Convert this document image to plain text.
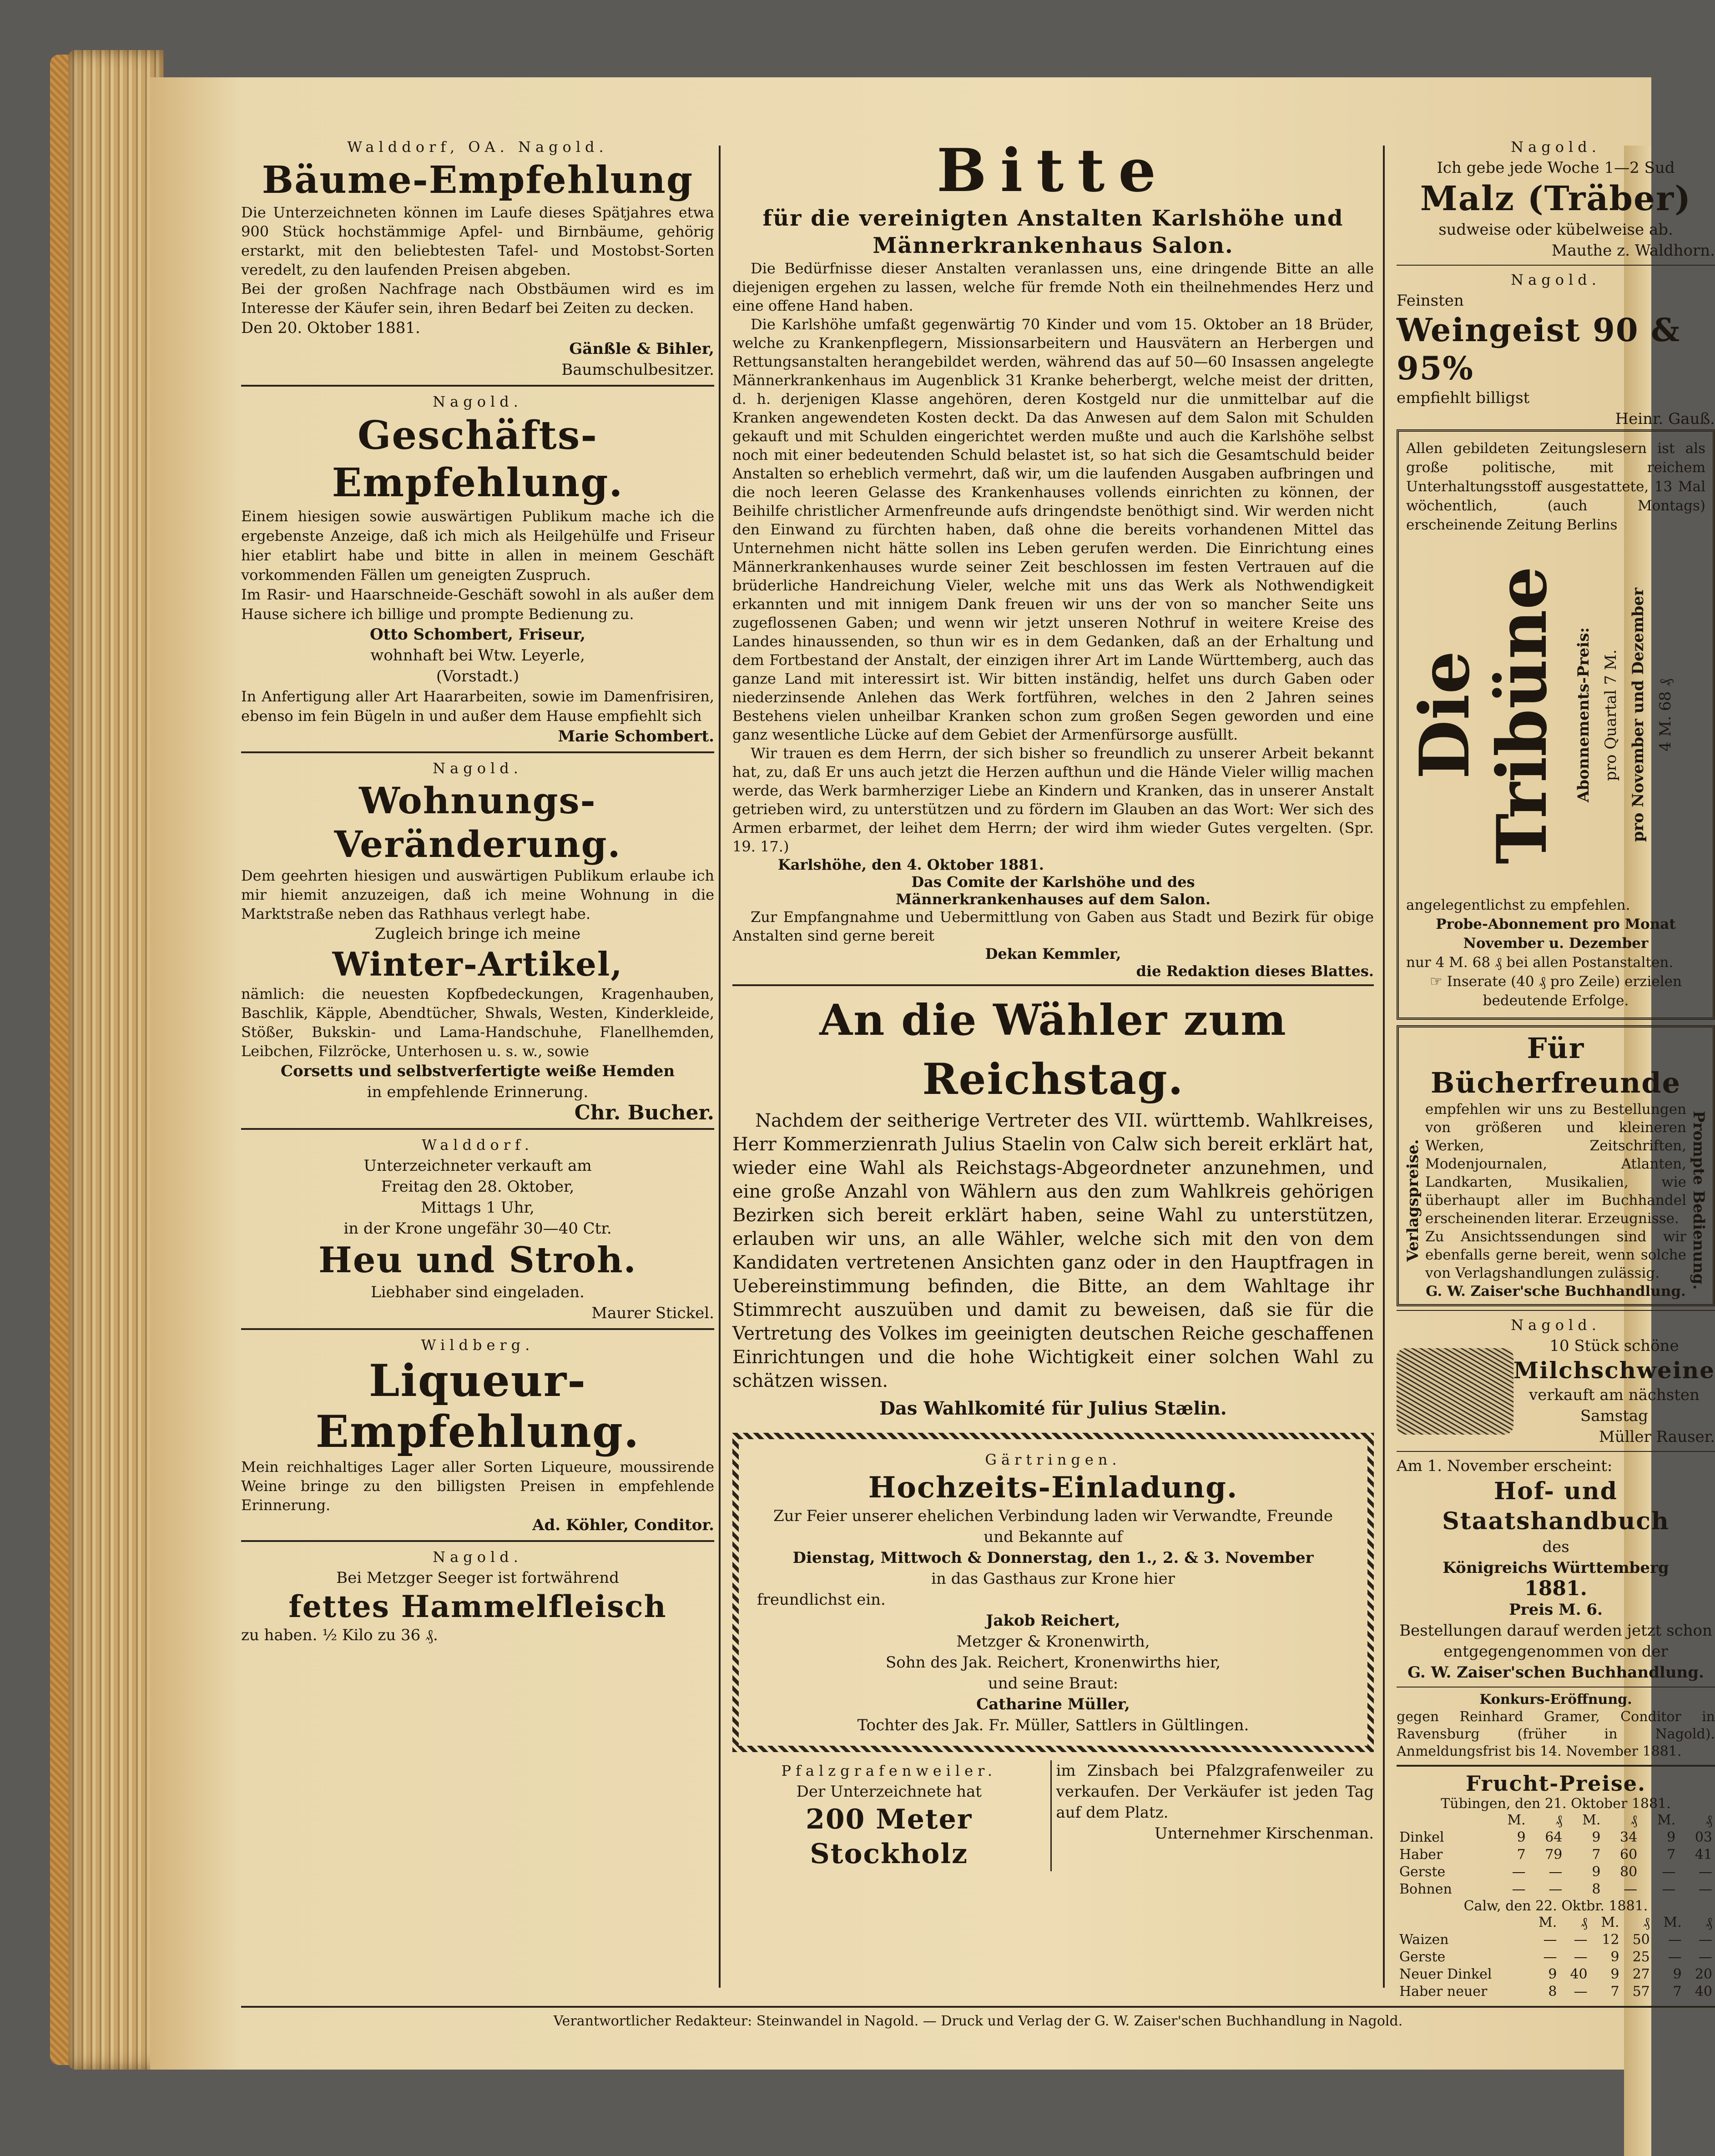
Walddorf, OA. Nagold.
Bäume-Empfehlung

Die Unterzeichneten können im Laufe dieses Spätjahres etwa 900 Stück hochstämmige Apfel- und Birnbäume, gehörig erstarkt, mit den beliebtesten Tafel- und Mostobst-Sorten veredelt, zu den laufenden Preisen abgeben.

Bei der großen Nachfrage nach Obstbäumen wird es im Interesse der Käufer sein, ihren Bedarf bei Zeiten zu decken.

Den 20. Oktober 1881.

Gänßle & Bihler,

Baumschulbesitzer.

Nagold.
Geschäfts-
Empfehlung.

Einem hiesigen sowie auswärtigen Publikum mache ich die ergebenste Anzeige, daß ich mich als Heilgehülfe und Friseur hier etablirt habe und bitte in allen in meinem Geschäft vorkommenden Fällen um geneigten Zuspruch.

Im Rasir- und Haarschneide-Geschäft sowohl in als außer dem Hause sichere ich billige und prompte Bedienung zu.

Otto Schombert, Friseur,

wohnhaft bei Wtw. Leyerle,

(Vorstadt.)

In Anfertigung aller Art Haararbeiten, sowie im Damenfrisiren, ebenso im fein Bügeln in und außer dem Hause empfiehlt sich

Marie Schombert.

Nagold.
Wohnungs-
Veränderung.

Dem geehrten hiesigen und auswärtigen Publikum erlaube ich mir hiemit anzuzeigen, daß ich meine Wohnung in die Marktstraße neben das Rathhaus verlegt habe.

Zugleich bringe ich meine

Winter-Artikel,

nämlich: die neuesten Kopfbedeckungen, Kragenhauben, Baschlik, Käpple, Abendtücher, Shwals, Westen, Kinderkleide, Stößer, Bukskin- und Lama-Handschuhe, Flanellhemden, Leibchen, Filzröcke, Unterhosen u. s. w., sowie

Corsetts und selbstverfertigte weiße Hemden

in empfehlende Erinnerung.

Chr. Bucher.

Walddorf.

Unterzeichneter verkauft am

Freitag den 28. Oktober,

Mittags 1 Uhr,

in der Krone ungefähr 30—40 Ctr.

Heu und Stroh.

Liebhaber sind eingeladen.

Maurer Stickel.

Wildberg.
Liqueur-
Empfehlung.

Mein reichhaltiges Lager aller Sorten Liqueure, moussirende Weine bringe zu den billigsten Preisen in empfehlende Erinnerung.

Ad. Köhler, Conditor.

Nagold.

Bei Metzger Seeger ist fortwährend

fettes Hammelfleisch

zu haben. ½ Kilo zu 36 ₰.

Bitte
für die vereinigten Anstalten Karlshöhe und Männerkrankenhaus Salon.

Die Bedürfnisse dieser Anstalten veranlassen uns, eine dringende Bitte an alle diejenigen ergehen zu lassen, welche für fremde Noth ein theilnehmendes Herz und eine offene Hand haben.

Die Karlshöhe umfaßt gegenwärtig 70 Kinder und vom 15. Oktober an 18 Brüder, welche zu Krankenpflegern, Missionsarbeitern und Hausvätern an Herbergen und Rettungsanstalten herangebildet werden, während das auf 50—60 Insassen angelegte Männerkrankenhaus im Augenblick 31 Kranke beherbergt, welche meist der dritten, d. h. derjenigen Klasse angehören, deren Kostgeld nur die unmittelbar auf die Kranken angewendeten Kosten deckt. Da das Anwesen auf dem Salon mit Schulden gekauft und mit Schulden eingerichtet werden mußte und auch die Karlshöhe selbst noch mit einer bedeutenden Schuld belastet ist, so hat sich die Gesamtschuld beider Anstalten so erheblich vermehrt, daß wir, um die laufenden Ausgaben aufbringen und die noch leeren Gelasse des Krankenhauses vollends einrichten zu können, der Beihilfe christlicher Armenfreunde aufs dringendste benöthigt sind. Wir werden nicht den Einwand zu fürchten haben, daß ohne die bereits vorhandenen Mittel das Unternehmen nicht hätte sollen ins Leben gerufen werden. Die Einrichtung eines Männerkrankenhauses wurde seiner Zeit beschlossen im festen Vertrauen auf die brüderliche Handreichung Vieler, welche mit uns das Werk als Nothwendigkeit erkannten und mit innigem Dank freuen wir uns der von so mancher Seite uns zugeflossenen Gaben; und wenn wir jetzt unseren Nothruf in weitere Kreise des Landes hinaussenden, so thun wir es in dem Gedanken, daß an der Erhaltung und dem Fortbestand der Anstalt, der einzigen ihrer Art im Lande Württemberg, auch das ganze Land mit interessirt ist. Wir bitten inständig, helfet uns durch Gaben oder niederzinsende Anlehen das Werk fortführen, welches in den 2 Jahren seines Bestehens vielen unheilbar Kranken schon zum großen Segen geworden und eine ganz wesentliche Lücke auf dem Gebiet der Armenfürsorge ausfüllt.

Wir trauen es dem Herrn, der sich bisher so freundlich zu unserer Arbeit bekannt hat, zu, daß Er uns auch jetzt die Herzen aufthun und die Hände Vieler willig machen werde, das Werk barmherziger Liebe an Kindern und Kranken, das in unserer Anstalt getrieben wird, zu unterstützen und zu fördern im Glauben an das Wort: Wer sich des Armen erbarmet, der leihet dem Herrn; der wird ihm wieder Gutes vergelten. (Spr. 19. 17.)

Karlshöhe, den 4. Oktober 1881.

Das Comite der Karlshöhe und des

Männerkrankenhauses auf dem Salon.

Zur Empfangnahme und Uebermittlung von Gaben aus Stadt und Bezirk für obige Anstalten sind gerne bereit

Dekan Kemmler,

die Redaktion dieses Blattes.

An die Wähler zum Reichstag.

Nachdem der seitherige Vertreter des VII. württemb. Wahlkreises, Herr Kommerzienrath Julius Staelin von Calw sich bereit erklärt hat, wieder eine Wahl als Reichstags-Abgeordneter anzunehmen, und eine große Anzahl von Wählern aus den zum Wahlkreis gehörigen Bezirken sich bereit erklärt haben, seine Wahl zu unterstützen, erlauben wir uns, an alle Wähler, welche sich mit den von dem Kandidaten vertretenen Ansichten ganz oder in den Hauptfragen in Uebereinstimmung befinden, die Bitte, an dem Wahltage ihr Stimmrecht auszuüben und damit zu beweisen, daß sie für die Vertretung des Volkes im geeinigten deutschen Reiche geschaffenen Einrichtungen und die hohe Wichtigkeit einer solchen Wahl zu schätzen wissen.

Das Wahlkomité für Julius Stælin.

Gärtringen.
Hochzeits-Einladung.

Zur Feier unserer ehelichen Verbindung laden wir Verwandte, Freunde und Bekannte auf

Dienstag, Mittwoch & Donnerstag, den 1., 2. & 3. November

in das Gasthaus zur Krone hier

freundlichst ein.

Jakob Reichert,

Metzger & Kronenwirth,

Sohn des Jak. Reichert, Kronenwirths hier,

und seine Braut:

Catharine Müller,

Tochter des Jak. Fr. Müller, Sattlers in Gültlingen.

Pfalzgrafenweiler.

Der Unterzeichnete hat

200 Meter Stockholz

im Zinsbach bei Pfalzgrafenweiler zu verkaufen. Der Verkäufer ist jeden Tag auf dem Platz.

Unternehmer Kirschenman.

Nagold.

Ich gebe jede Woche 1—2 Sud

Malz (Träber)

sudweise oder kübelweise ab.

Mauthe z. Waldhorn.

Nagold.

Feinsten

Weingeist 90 & 95%

empfiehlt billigst

Heinr. Gauß.

Allen gebildeten Zeitungslesern ist als große politische, mit reichem Unterhaltungsstoff ausgestattete, 13 Mal wöchentlich, (auch Montags) erscheinende Zeitung Berlins

Die Tribüne Abonnements-Preis: pro Quartal 7 M. pro November und Dezember 4 M. 68 ₰

angelegentlichst zu empfehlen.

Probe-Abonnement pro Monat November u. Dezember

nur 4 M. 68 ₰ bei allen Postanstalten.

☞ Inserate (40 ₰ pro Zeile) erzielen bedeutende Erfolge.

Für Bücherfreunde
Verlagspreise.

empfehlen wir uns zu Bestellungen von größeren und kleineren Werken, Zeitschriften, Modenjournalen, Atlanten, Landkarten, Musikalien, wie überhaupt aller im Buchhandel erscheinenden literar. Erzeugnisse.

Zu Ansichtssendungen sind wir ebenfalls gerne bereit, wenn solche von Verlagshandlungen zulässig.

G. W. Zaiser'sche Buchhandlung.

Prompte Bedienung.
Nagold.

10 Stück schöne

Milchschweine

verkauft am nächsten Samstag

Müller Rauser.

Am 1. November erscheint:

Hof- und Staatshandbuch

des

Königreichs Württemberg

1881.

Preis M. 6.

Bestellungen darauf werden jetzt schon entgegengenommen von der

G. W. Zaiser'schen Buchhandlung.

Konkurs-Eröffnung.

gegen Reinhard Gramer, Conditor in Ravensburg (früher in Nagold). Anmeldungsfrist bis 14. November 1881.

Frucht-Preise.

Tübingen, den 21. Oktober 1881.

	M.	₰	M.	₰	M.	₰
Dinkel	9	64	9	34	9	03
Haber	7	79	7	60	7	41
Gerste	—	—	9	80	—	—
Bohnen	—	—	8	—	—	—

Calw, den 22. Oktbr. 1881.

	M.	₰	M.	₰	M.	₰
Waizen	—	—	12	50	—	—
Gerste	—	—	9	25	—	—
Neuer Dinkel	9	40	9	27	9	20
Haber neuer	8	—	7	57	7	40
Verantwortlicher Redakteur: Steinwandel in Nagold. — Druck und Verlag der G. W. Zaiser'schen Buchhandlung in Nagold.
